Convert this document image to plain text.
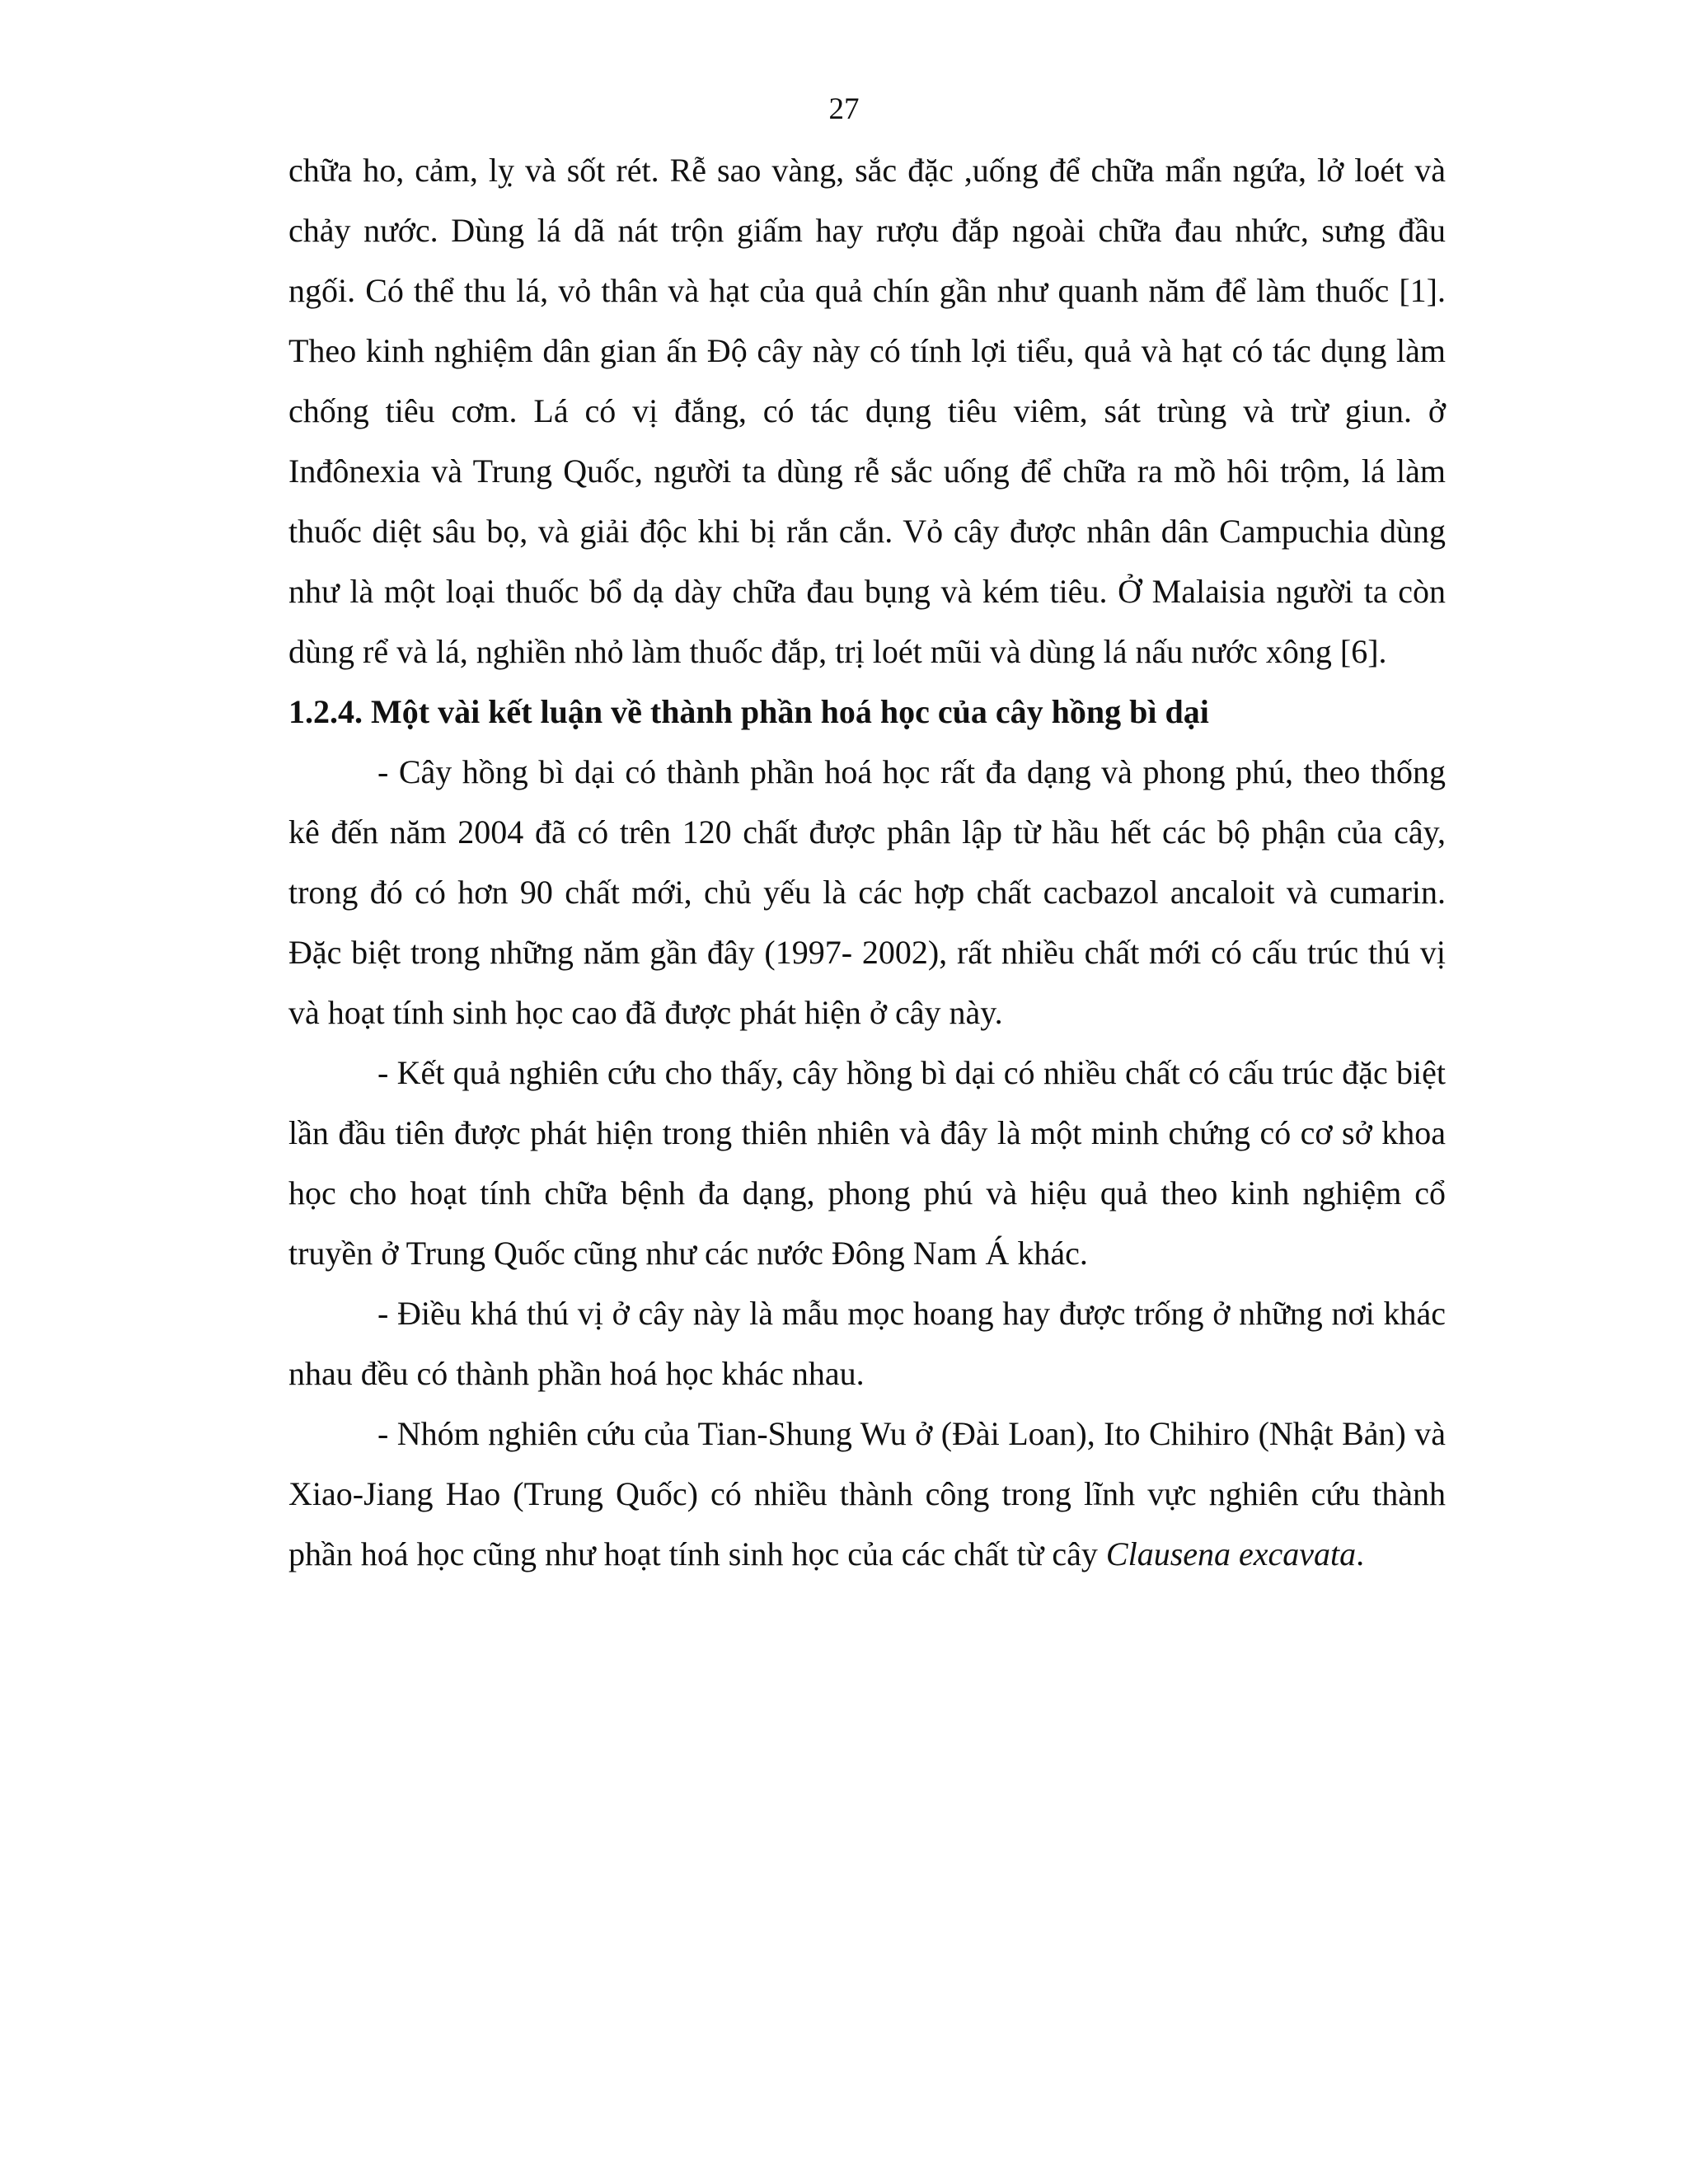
27

chữa ho, cảm, lỵ và sốt rét. Rễ sao vàng, sắc đặc ,uống để chữa mẩn ngứa, lở loét và chảy nước. Dùng lá dã nát trộn giấm hay rượu đắp ngoài chữa đau nhức, sưng đầu ngối. Có thể thu lá, vỏ thân và hạt của quả chín gần như quanh năm để làm thuốc [1]. Theo kinh nghiệm dân gian ấn Độ cây này có tính lợi tiểu, quả và hạt có tác dụng làm chống tiêu cơm. Lá có vị đắng, có tác dụng tiêu viêm, sát trùng và trừ giun. ở Inđônexia và Trung Quốc, người ta dùng rễ sắc uống để chữa ra mồ hôi trộm, lá làm thuốc diệt sâu bọ, và giải độc khi bị rắn cắn. Vỏ cây được nhân dân Campuchia dùng như là một loại thuốc bổ dạ dày chữa đau bụng và kém tiêu. Ở Malaisia người ta còn dùng rể và lá, nghiền nhỏ làm thuốc đắp, trị loét mũi và dùng lá nấu nước xông [6].

1.2.4. Một vài kết luận về thành phần hoá học của cây hồng bì dại

- Cây hồng bì dại có thành phần hoá học rất đa dạng và phong phú, theo thống kê đến năm 2004 đã có trên 120 chất được phân lập từ hầu hết các bộ phận của cây, trong đó có hơn 90 chất mới, chủ yếu là các hợp chất cacbazol ancaloit và cumarin. Đặc biệt trong những năm gần đây (1997- 2002), rất nhiều chất mới có cấu trúc thú vị và hoạt tính sinh học cao đã được phát hiện ở cây này.

- Kết quả nghiên cứu cho thấy, cây hồng bì dại có nhiều chất có cấu trúc đặc biệt lần đầu tiên được phát hiện trong thiên nhiên và đây là một minh chứng có cơ sở khoa học cho hoạt tính chữa bệnh đa dạng, phong phú và hiệu quả theo kinh nghiệm cổ truyền ở Trung Quốc cũng như các nước Đông Nam Á khác.

- Điều khá thú vị ở cây này là mẫu mọc hoang hay được trống ở những nơi khác nhau đều có thành phần hoá học khác nhau.

- Nhóm nghiên cứu của Tian-Shung Wu ở (Đài Loan), Ito Chihiro (Nhật Bản) và Xiao-Jiang Hao (Trung Quốc) có nhiều thành công trong lĩnh vực nghiên cứu thành phần hoá học cũng như hoạt tính sinh học của các chất từ cây Clausena excavata.
